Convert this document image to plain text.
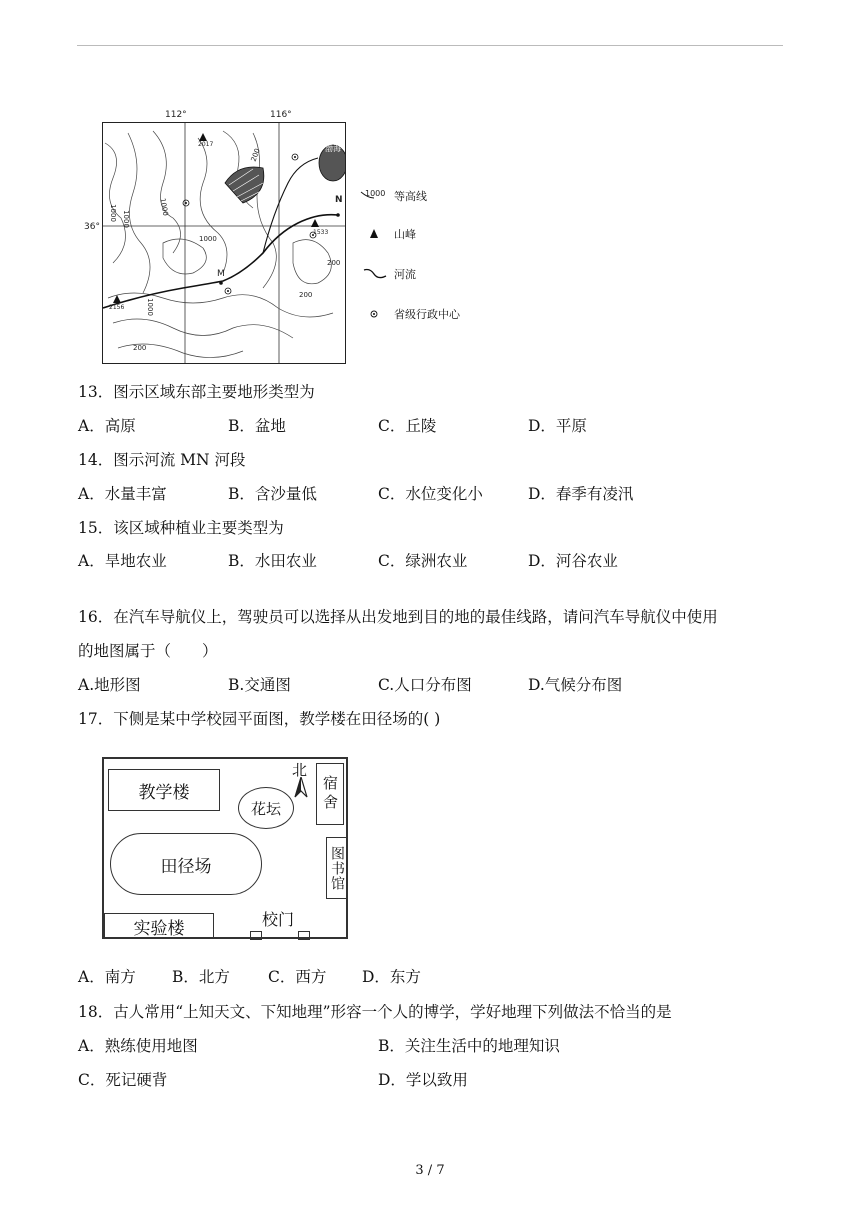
112°	116°
36°
渤海
2017
2156
1533
N
M
1000 1000
1000
1000
200
200
200
200
1000
1000 等高线
山峰
河流
省级行政中心
13．图示区域东部主要地形类型为
A．高原	B．盆地	C．丘陵	D．平原
14．图示河流 MN 河段
A．水量丰富	B．含沙量低	C．水位变化小	D．春季有凌汛
15．该区域种植业主要类型为
A．旱地农业	B．水田农业	C．绿洲农业	D．河谷农业
16．在汽车导航仪上，驾驶员可以选择从出发地到目的地的最佳线路，请问汽车导航仪中使用
的地图属于（　　）
A.地形图	B.交通图	C.人口分布图	D.气候分布图
17．下侧是某中学校园平面图，教学楼在田径场的( )
教学楼
花坛
田径场
宿舍
图书馆
实验楼
北
校门
A．南方 B．北方 C．西方 D．东方
18．古人常用“上知天文、下知地理”形容一个人的博学，学好地理下列做法不恰当的是
A．熟练使用地图	B．关注生活中的地理知识
C．死记硬背	D．学以致用
3 / 7
